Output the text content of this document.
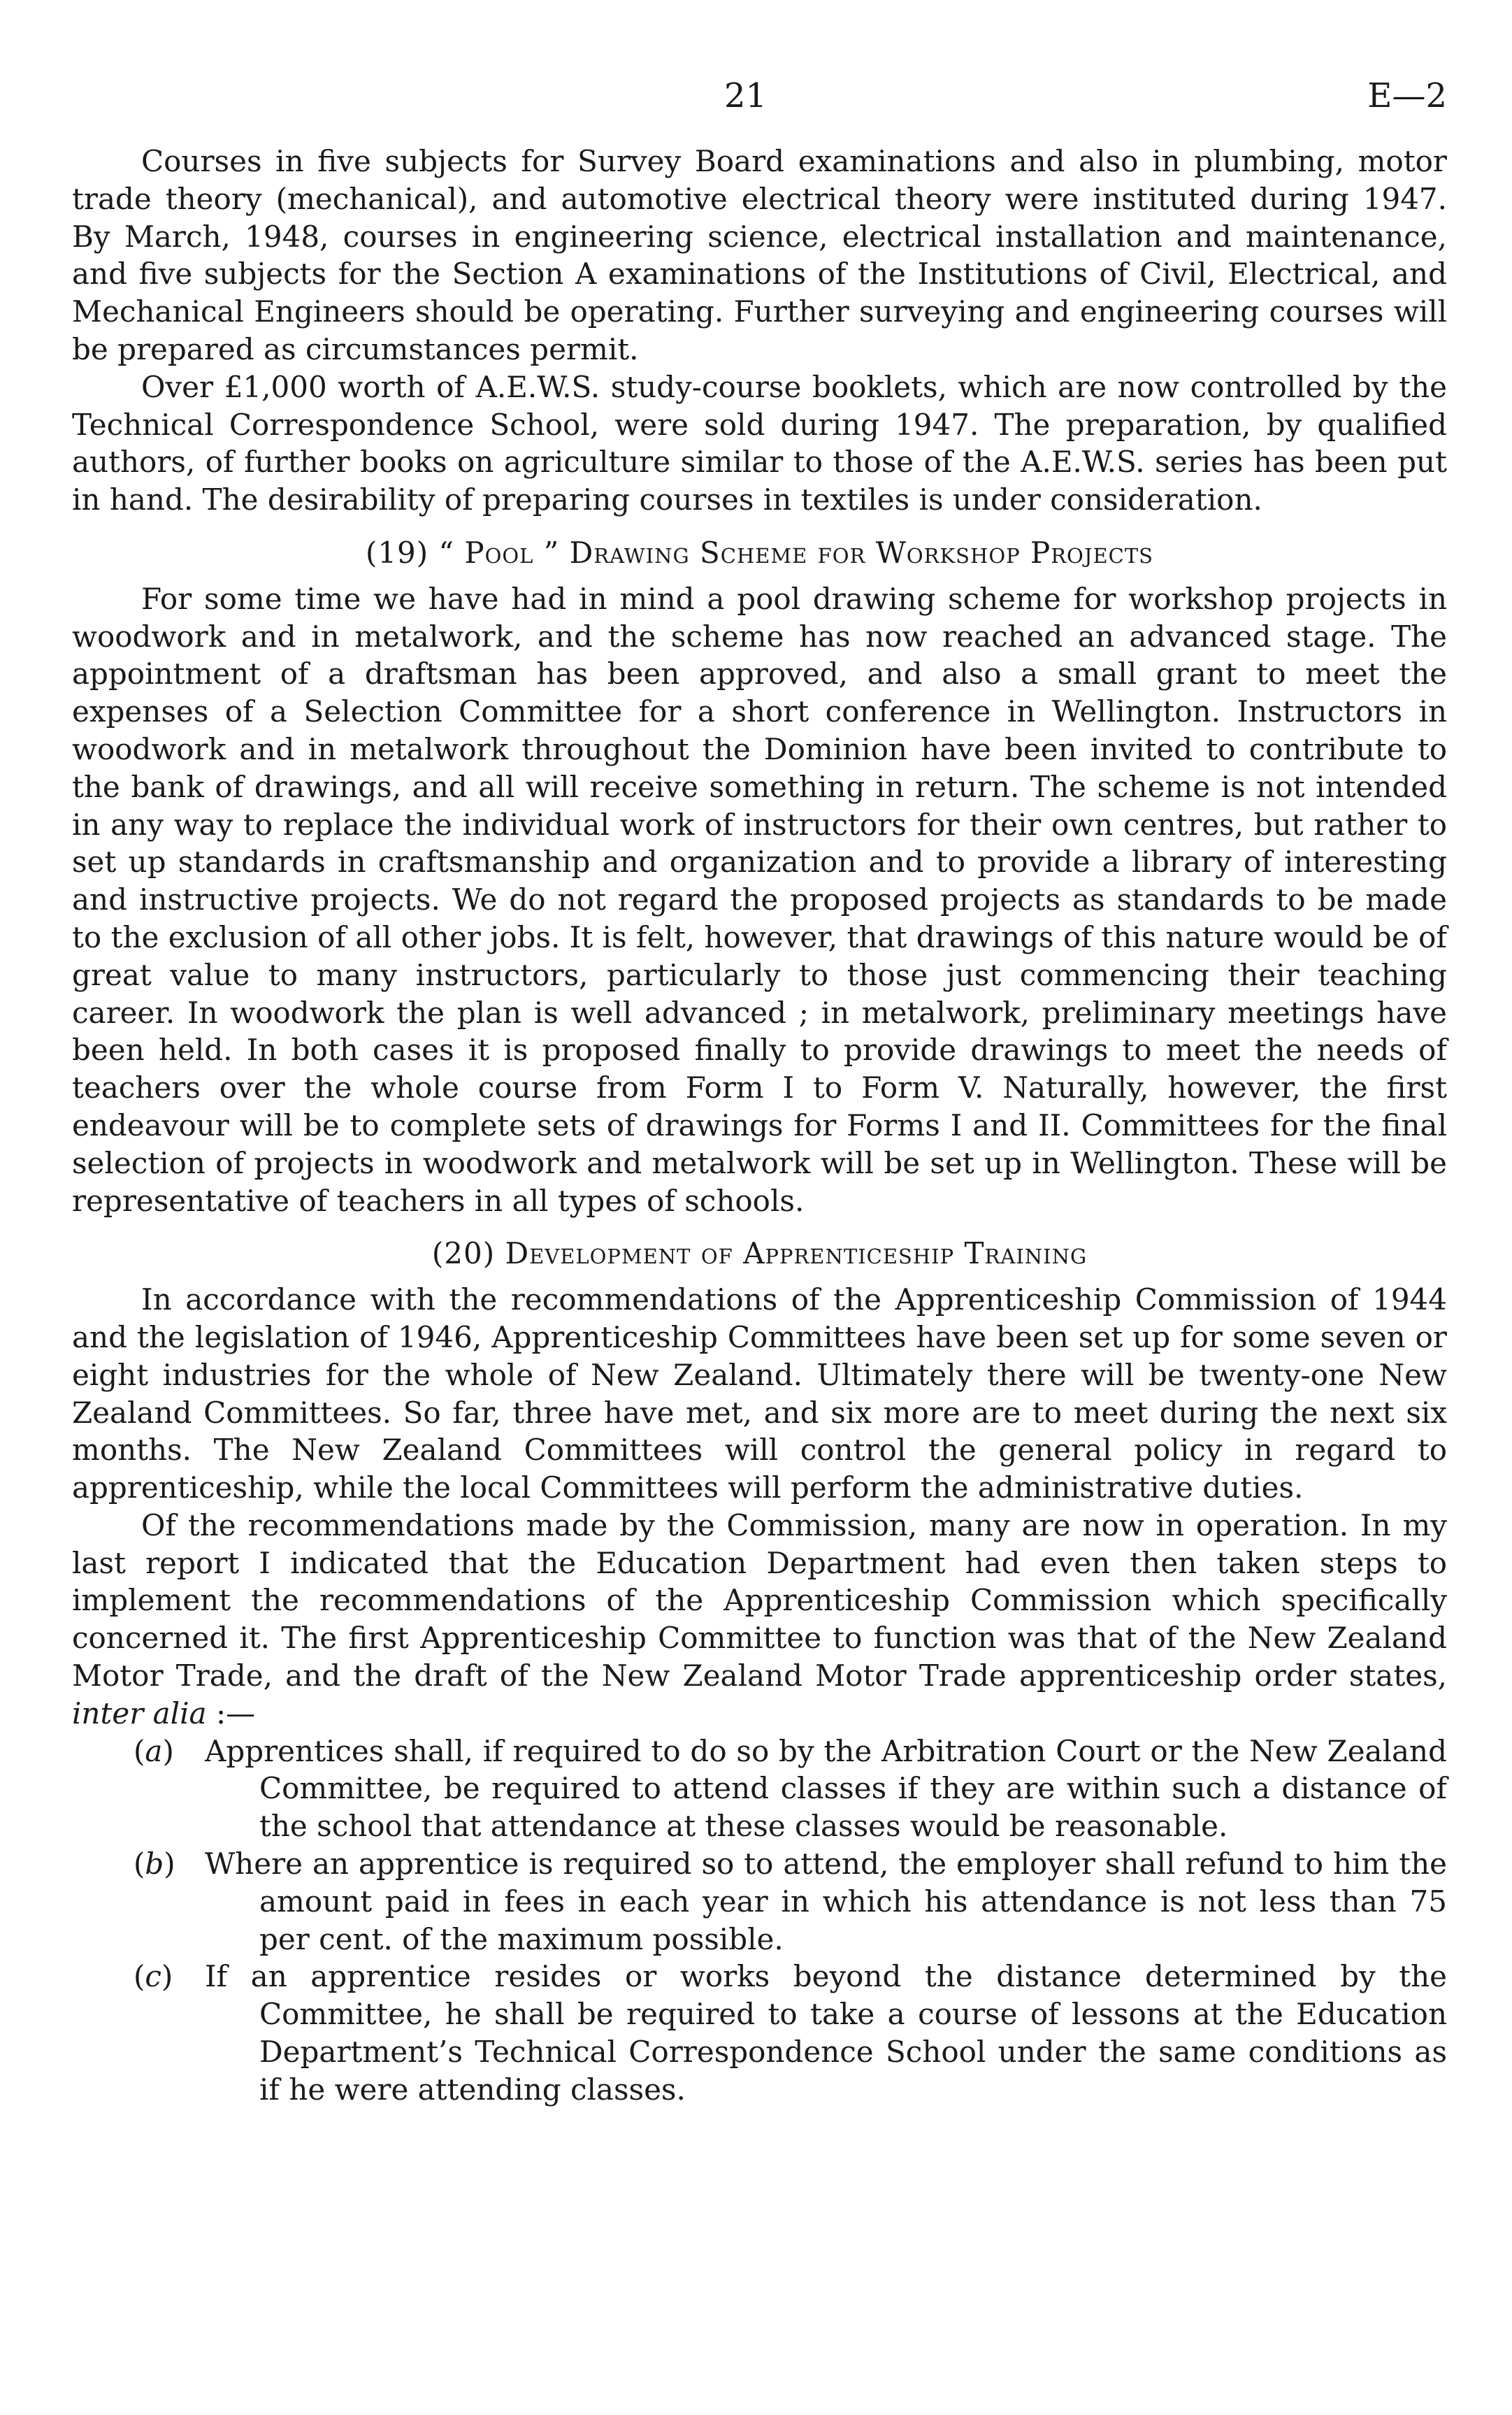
21	E—2

Courses in five subjects for Survey Board examinations and also in plumbing, motor trade theory (mechanical), and automotive electrical theory were instituted during 1947. By March, 1948, courses in engineering science, electrical installation and maintenance, and five subjects for the Section A examinations of the Institutions of Civil, Electrical, and Mechanical Engineers should be operating. Further surveying and engineering courses will be prepared as circumstances permit.

Over £1,000 worth of A.E.W.S. study-course booklets, which are now controlled by the Technical Correspondence School, were sold during 1947. The preparation, by qualified authors, of further books on agriculture similar to those of the A.E.W.S. series has been put in hand. The desirability of preparing courses in textiles is under consideration.

(19) “ Pool ” Drawing Scheme for Workshop Projects

For some time we have had in mind a pool drawing scheme for workshop projects in woodwork and in metalwork, and the scheme has now reached an advanced stage. The appointment of a draftsman has been approved, and also a small grant to meet the expenses of a Selection Committee for a short conference in Wellington. Instructors in woodwork and in metalwork throughout the Dominion have been invited to contribute to the bank of drawings, and all will receive something in return. The scheme is not intended in any way to replace the individual work of instructors for their own centres, but rather to set up standards in craftsmanship and organization and to provide a library of interesting and instructive projects. We do not regard the proposed projects as standards to be made to the exclusion of all other jobs. It is felt, however, that drawings of this nature would be of great value to many instructors, particularly to those just commencing their teaching career. In woodwork the plan is well advanced ; in metalwork, preliminary meetings have been held. In both cases it is proposed finally to provide drawings to meet the needs of teachers over the whole course from Form I to Form V. Naturally, however, the first endeavour will be to complete sets of drawings for Forms I and II. Committees for the final selection of projects in woodwork and metalwork will be set up in Wellington. These will be representative of teachers in all types of schools.

(20) Development of Apprenticeship Training

In accordance with the recommendations of the Apprenticeship Commission of 1944 and the legislation of 1946, Apprenticeship Committees have been set up for some seven or eight industries for the whole of New Zealand. Ultimately there will be twenty-one New Zealand Committees. So far, three have met, and six more are to meet during the next six months. The New Zealand Committees will control the general policy in regard to apprenticeship, while the local Committees will perform the administrative duties.

Of the recommendations made by the Commission, many are now in operation. In my last report I indicated that the Education Department had even then taken steps to implement the recommendations of the Apprenticeship Commission which specifically concerned it. The first Apprenticeship Committee to function was that of the New Zealand Motor Trade, and the draft of the New Zealand Motor Trade apprenticeship order states, inter alia :—

(a)	Apprentices shall, if required to do so by the Arbitration Court or the New Zealand Committee, be required to attend classes if they are within such a distance of the school that attendance at these classes would be reasonable.
(b)	Where an apprentice is required so to attend, the employer shall refund to him the amount paid in fees in each year in which his attendance is not less than 75 per cent. of the maximum possible.
(c)	If an apprentice resides or works beyond the distance determined by the Committee, he shall be required to take a course of lessons at the Education Department’s Technical Correspondence School under the same conditions as if he were attending classes.
